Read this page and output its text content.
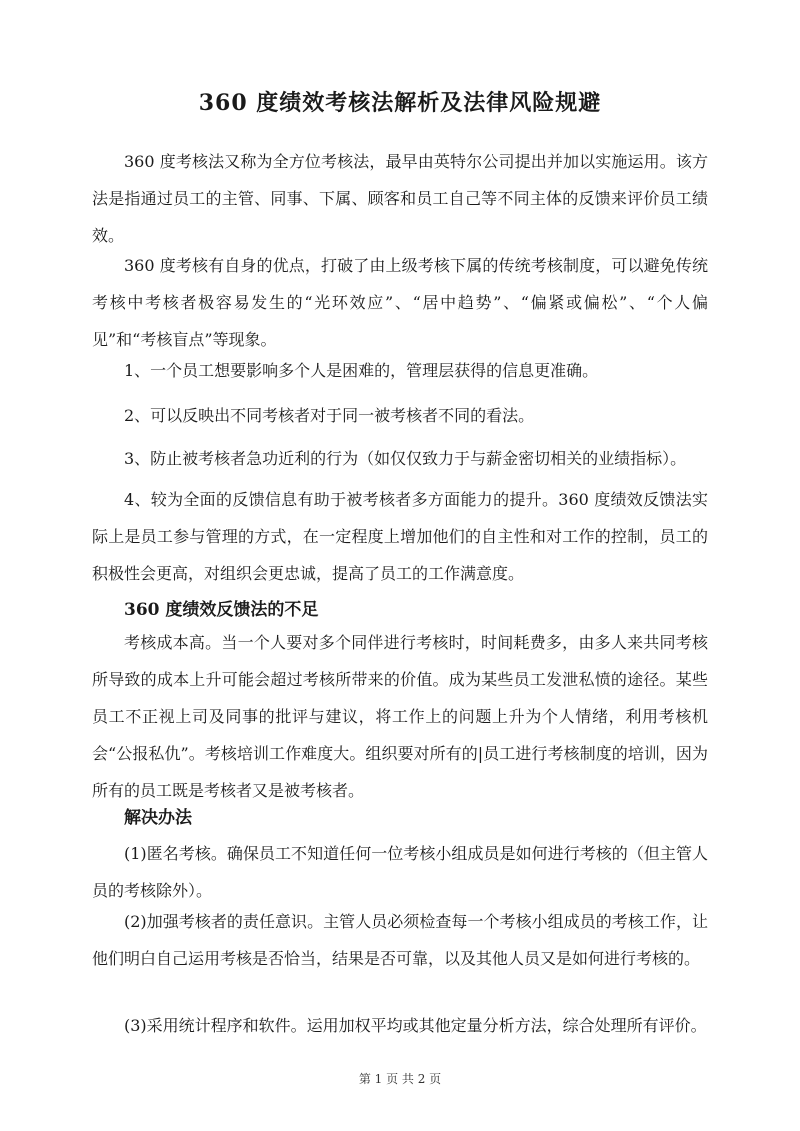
360 度绩效考核法解析及法律风险规避

360 度考核法又称为全方位考核法，最早由英特尔公司提出并加以实施运用。该方法是指通过员工的主管、同事、下属、顾客和员工自己等不同主体的反馈来评价员工绩效。

360 度考核有自身的优点，打破了由上级考核下属的传统考核制度，可以避免传统考核中考核者极容易发生的“光环效应”、“居中趋势”、“偏紧或偏松”、“个人偏见”和“考核盲点”等现象。

1、一个员工想要影响多个人是困难的，管理层获得的信息更准确。

2、可以反映出不同考核者对于同一被考核者不同的看法。

3、防止被考核者急功近利的行为（如仅仅致力于与薪金密切相关的业绩指标）。

4、较为全面的反馈信息有助于被考核者多方面能力的提升。360 度绩效反馈法实际上是员工参与管理的方式，在一定程度上增加他们的自主性和对工作的控制，员工的积极性会更高，对组织会更忠诚，提高了员工的工作满意度。

360 度绩效反馈法的不足

考核成本高。当一个人要对多个同伴进行考核时，时间耗费多，由多人来共同考核所导致的成本上升可能会超过考核所带来的价值。成为某些员工发泄私愤的途径。某些员工不正视上司及同事的批评与建议，将工作上的问题上升为个人情绪，利用考核机会“公报私仇”。考核培训工作难度大。组织要对所有的|员工进行考核制度的培训，因为所有的员工既是考核者又是被考核者。

解决办法

(1)匿名考核。确保员工不知道任何一位考核小组成员是如何进行考核的（但主管人员的考核除外）。

(2)加强考核者的责任意识。主管人员必须检查每一个考核小组成员的考核工作，让他们明白自己运用考核是否恰当，结果是否可靠，以及其他人员又是如何进行考核的。

(3)采用统计程序和软件。运用加权平均或其他定量分析方法，综合处理所有评价。

第 1 页 共 2 页
